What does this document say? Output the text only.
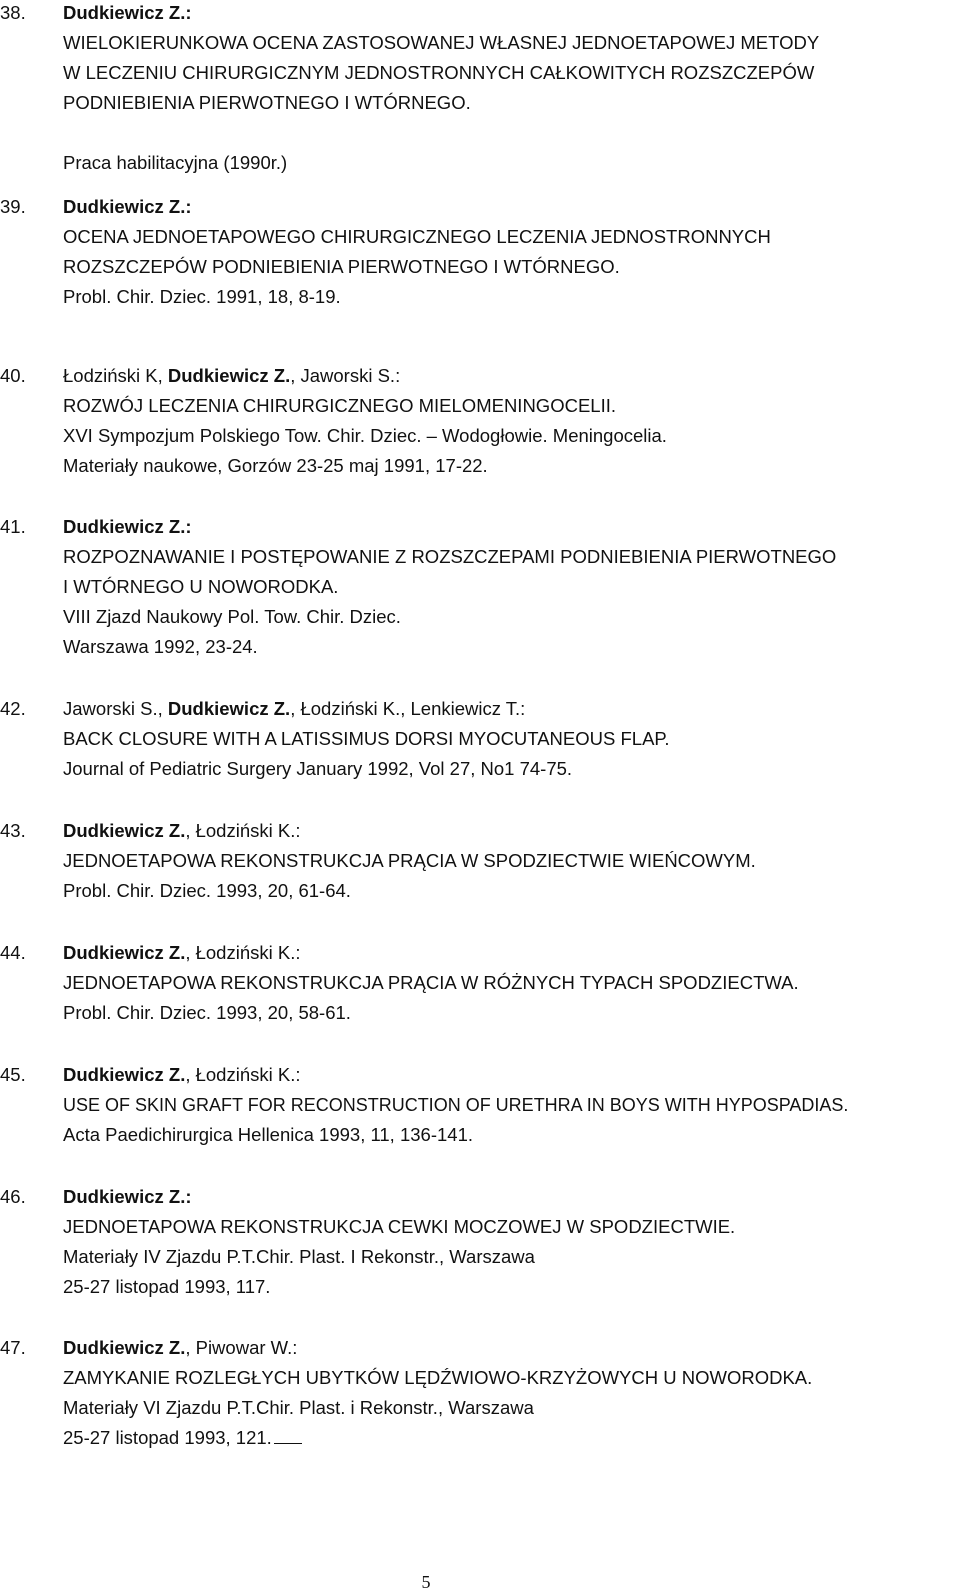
38. Dudkiewicz Z.:
WIELOKIERUNKOWA OCENA ZASTOSOWANEJ WŁASNEJ JEDNOETAPOWEJ METODY
W LECZENIU CHIRURGICZNYM JEDNOSTRONNYCH CAŁKOWITYCH ROZSZCZEPÓW
PODNIEBIENIA PIERWOTNEGO I WTÓRNEGO.
Praca habilitacyjna (1990r.)
39. Dudkiewicz Z.:
OCENA JEDNOETAPOWEGO CHIRURGICZNEGO LECZENIA JEDNOSTRONNYCH
ROZSZCZEPÓW PODNIEBIENIA PIERWOTNEGO I WTÓRNEGO.
Probl. Chir. Dziec. 1991, 18, 8-19.
40. Łodziński K, Dudkiewicz Z., Jaworski S.:
ROZWÓJ LECZENIA CHIRURGICZNEGO MIELOMENINGOCELII.
XVI Sympozjum Polskiego Tow. Chir. Dziec. – Wodogłowie. Meningocelia.
Materiały naukowe, Gorzów 23-25 maj 1991, 17-22.
41. Dudkiewicz Z.:
ROZPOZNAWANIE I POSTĘPOWANIE Z ROZSZCZEPAMI PODNIEBIENIA PIERWOTNEGO
I WTÓRNEGO U NOWORODKA.
VIII Zjazd Naukowy Pol. Tow. Chir. Dziec.
Warszawa 1992, 23-24.
42. Jaworski S., Dudkiewicz Z., Łodziński K., Lenkiewicz T.:
BACK CLOSURE WITH A LATISSIMUS DORSI MYOCUTANEOUS FLAP.
Journal of Pediatric Surgery January 1992, Vol 27, No1 74-75.
43. Dudkiewicz Z., Łodziński K.:
JEDNOETAPOWA REKONSTRUKCJA PRĄCIA W SPODZIECTWIE WIEŃCOWYM.
Probl. Chir. Dziec. 1993, 20, 61-64.
44. Dudkiewicz Z., Łodziński K.:
JEDNOETAPOWA REKONSTRUKCJA PRĄCIA W RÓŻNYCH TYPACH SPODZIECTWA.
Probl. Chir. Dziec. 1993, 20, 58-61.
45. Dudkiewicz Z., Łodziński K.:
USE OF SKIN GRAFT FOR RECONSTRUCTION OF URETHRA IN BOYS WITH HYPOSPADIAS.
Acta Paedichirurgica Hellenica 1993, 11, 136-141.
46. Dudkiewicz Z.:
JEDNOETAPOWA REKONSTRUKCJA CEWKI MOCZOWEJ W SPODZIECTWIE.
Materiały IV Zjazdu P.T.Chir. Plast. I Rekonstr., Warszawa
25-27 listopad 1993, 117.
47. Dudkiewicz Z., Piwowar W.:
ZAMYKANIE ROZLEGŁYCH UBYTKÓW LĘDŹWIOWO-KRZYŻOWYCH U NOWORODKA.
Materiały VI Zjazdu P.T.Chir. Plast. i Rekonstr., Warszawa
25-27 listopad 1993, 121.
5
